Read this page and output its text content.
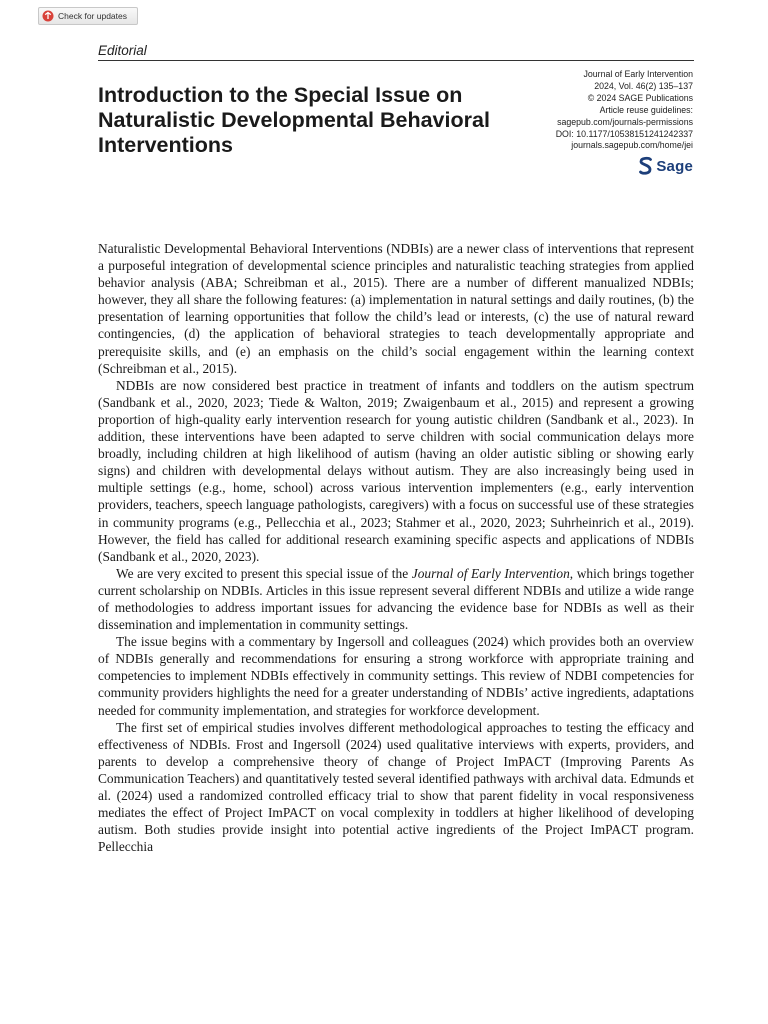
Check for updates
Editorial
Introduction to the Special Issue on Naturalistic Developmental Behavioral Interventions
Journal of Early Intervention
2024, Vol. 46(2) 135–137
© 2024 SAGE Publications
Article reuse guidelines:
sagepub.com/journals-permissions
DOI: 10.1177/10538151241242337
journals.sagepub.com/home/jei
Sage

Naturalistic Developmental Behavioral Interventions (NDBIs) are a newer class of interventions that represent a purposeful integration of developmental science principles and naturalistic teaching strategies from applied behavior analysis (ABA; Schreibman et al., 2015). There are a number of different manualized NDBIs; however, they all share the following features: (a) implementation in natural settings and daily routines, (b) the presentation of learning opportunities that follow the child’s lead or interests, (c) the use of natural reward contingencies, (d) the application of behavioral strategies to teach developmentally appropriate and prerequisite skills, and (e) an emphasis on the child’s social engagement within the learning context (Schreibman et al., 2015).

NDBIs are now considered best practice in treatment of infants and toddlers on the autism spectrum (Sandbank et al., 2020, 2023; Tiede & Walton, 2019; Zwaigenbaum et al., 2015) and represent a growing proportion of high-quality early intervention research for young autistic children (Sandbank et al., 2023). In addition, these interventions have been adapted to serve children with social communication delays more broadly, including children at high likelihood of autism (having an older autistic sibling or showing early signs) and children with developmental delays without autism. They are also increasingly being used in multiple settings (e.g., home, school) across various intervention implementers (e.g., early intervention providers, teachers, speech language pathologists, caregivers) with a focus on successful use of these strategies in community programs (e.g., Pellecchia et al., 2023; Stahmer et al., 2020, 2023; Suhrheinrich et al., 2019). However, the field has called for additional research examining specific aspects and applications of NDBIs (Sandbank et al., 2020, 2023).

We are very excited to present this special issue of the Journal of Early Intervention, which brings together current scholarship on NDBIs. Articles in this issue represent several different NDBIs and utilize a wide range of methodologies to address important issues for advancing the evidence base for NDBIs as well as their dissemination and implementation in community settings.

The issue begins with a commentary by Ingersoll and colleagues (2024) which provides both an overview of NDBIs generally and recommendations for ensuring a strong workforce with appropriate training and competencies to implement NDBIs effectively in community settings. This review of NDBI competencies for community providers highlights the need for a greater understanding of NDBIs’ active ingredients, adaptations needed for community implementation, and strategies for workforce development.

The first set of empirical studies involves different methodological approaches to testing the efficacy and effectiveness of NDBIs. Frost and Ingersoll (2024) used qualitative interviews with experts, providers, and parents to develop a comprehensive theory of change of Project ImPACT (Improving Parents As Communication Teachers) and quantitatively tested several identified pathways with archival data. Edmunds et al. (2024) used a randomized controlled efficacy trial to show that parent fidelity in vocal responsiveness mediates the effect of Project ImPACT on vocal complexity in toddlers at higher likelihood of developing autism. Both studies provide insight into potential active ingredients of the Project ImPACT program. Pellecchia
